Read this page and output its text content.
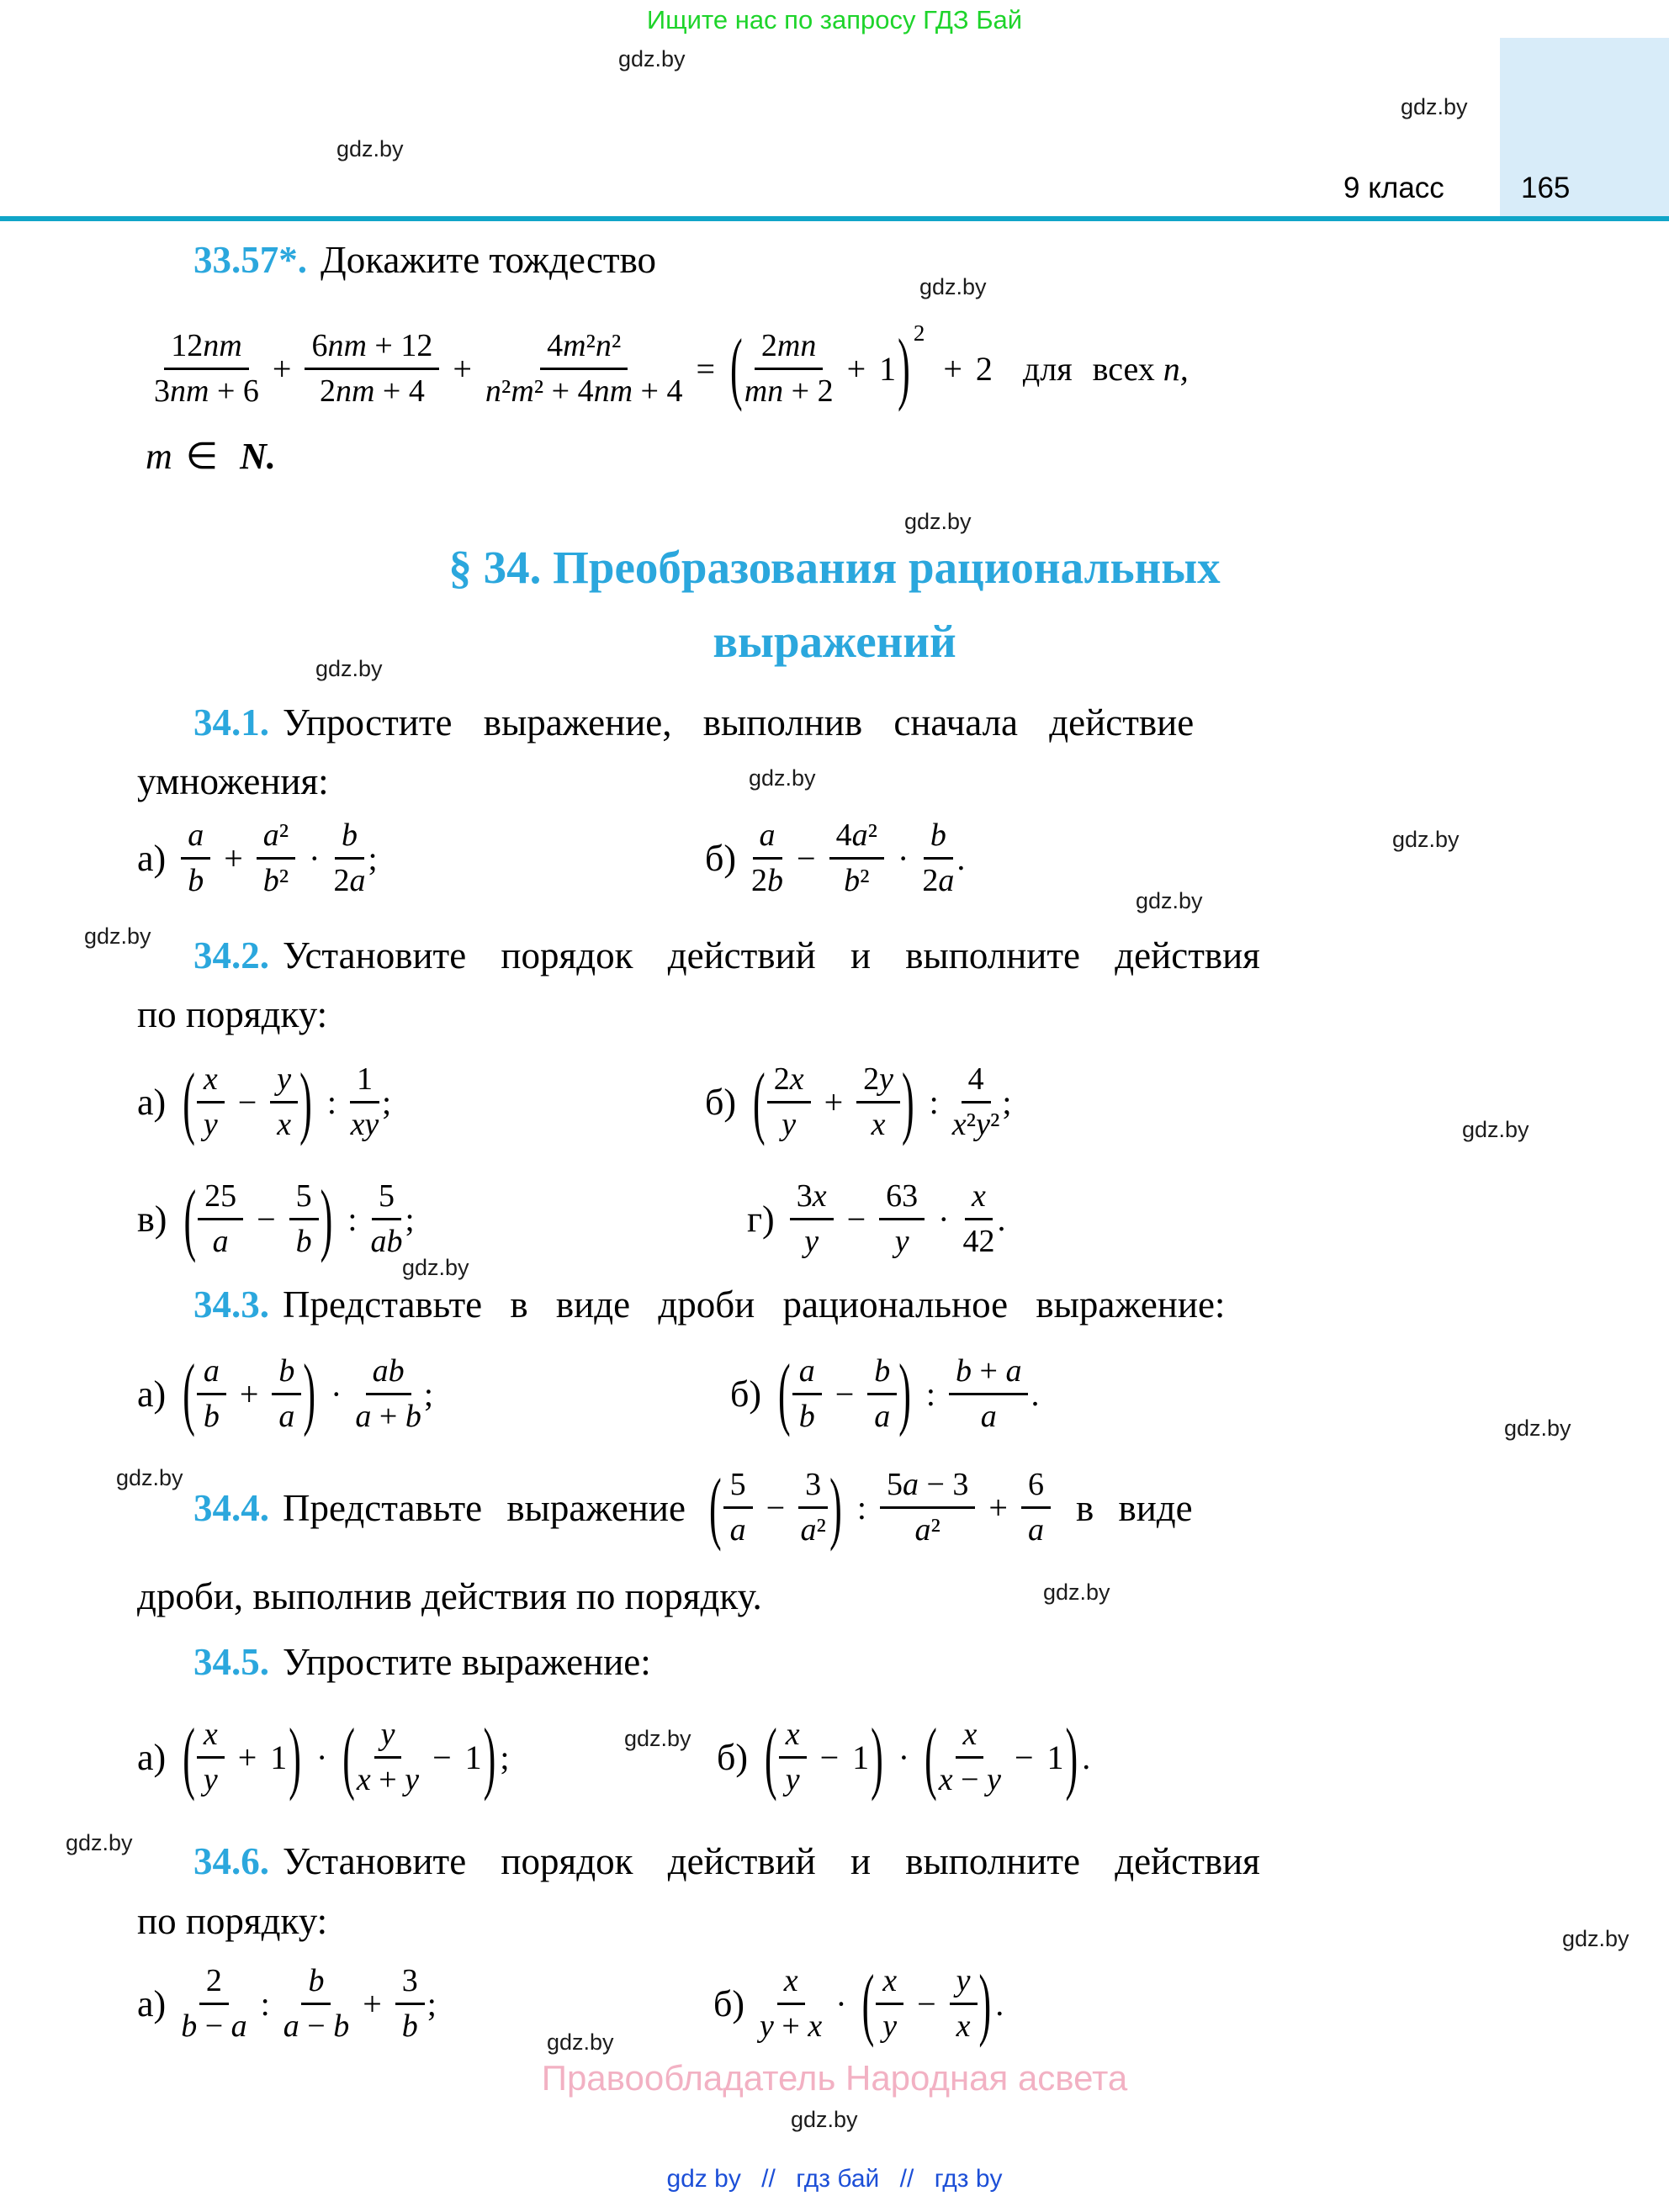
Ищите нас по запросу ГДЗ Бай
9 класс	165
gdz.by
gdz.by
gdz.by
gdz.by
gdz.by
gdz.by
gdz.by
gdz.by
gdz.by
gdz.by
gdz.by
gdz.by
gdz.by
gdz.by
gdz.by
gdz.by
gdz.by
gdz.by
gdz.by
gdz.by
33.57*. Докажите тождество
$\frac{12nm}{3nm + 6} + \frac{6nm + 12}{2nm + 4} + \frac{\text{4m²n²}}{\text{n²m² + 4nm + 4}}$ = ( $\frac{2mn}{mn + 2} + 1$ ) 2
+ 2 для всех n,
m ∈ N.
§ 34. Преобразования рациональных
выражений
34.1. Упростите выражение, выполнив сначала действие
умножения:
$а) \frac{a}{b} + \frac{\text{a²}}{\text{b²}} \cdot \frac{b}{2a}$ ;	$б) \frac{a}{2b} - \frac{\text{4a²}}{\text{b²}} \cdot \frac{b}{2a}$ .
34.2. Установите порядок действий и выполните действия
по порядку:
а) ( $\frac{x}{y} - \frac{y}{x}$ ) : $\frac{1}{xy}$ ;	б) ( $\frac{2x}{y} + \frac{2y}{x}$ ) : $\frac{4}{\text{x²y²}}$ ;
в) ( $\frac{25}{a} - \frac{5}{b}$ ) : $\frac{5}{ab}$ ;	$г) \frac{3x}{y} - \frac{63}{y} \cdot \frac{x}{42}$ .
34.3. Представьте в виде дроби рациональное выражение:
а) ( $\frac{a}{b} + \frac{b}{a}$ ) · $\frac{ab}{a + b}$ ;	б) ( $\frac{a}{b} - \frac{b}{a}$ ) : $\frac{b + a}{a}$ .
34.4. Представьте выражение ( $\frac{5}{a} - \frac{3}{\text{a²}}$ ) : $\frac{5a - 3}{\text{a²}} + \frac{6}{a}$ в виде
дроби, выполнив действия по порядку.
34.5. Упростите выражение:
а) ( $\frac{x}{y} + 1$ ) · ( $\frac{y}{x + y} - 1$ ) ;	б) ( $\frac{x}{y} - 1$ ) · ( $\frac{x}{x - y} - 1$ ) .
34.6. Установите порядок действий и выполните действия
по порядку:
$а) \frac{2}{b - a}$ : $\frac{b}{a - b} + \frac{3}{b}$ ;	$б) \frac{x}{y + x}$ · ( $\frac{x}{y} - \frac{y}{x}$ ) .
Правообладатель Народная асвета
gdz by // гдз бай // гдз by
